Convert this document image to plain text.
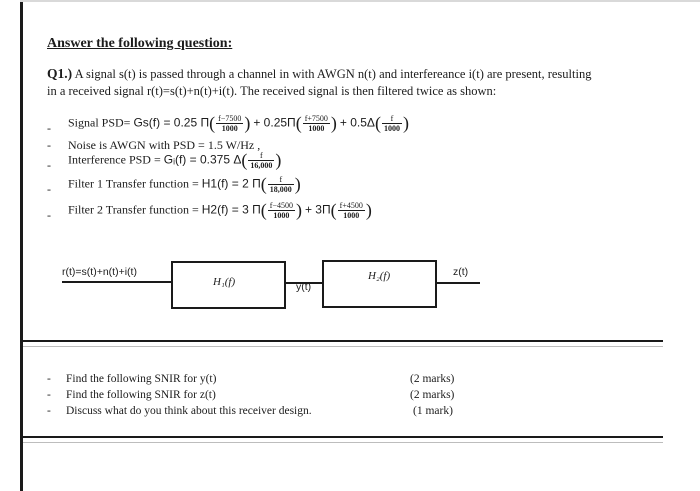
Answer the following question:
Q1.) A signal s(t) is passed through a channel in with AWGN n(t) and interfereance i(t) are present, resulting
in a received signal r(t)=s(t)+n(t)+i(t). The received signal is then filtered twice as shown:
- Signal PSD= Gs(f) = 0.25 $\Pi( \frac{f-7500}{1000}$ ) + $0.25\Pi( \frac{f+7500}{1000}$ ) + $0.5\Delta( \frac{f}{1000}$ )
- Noise is AWGN with PSD = 1.5 W/Hz ,
- Interference PSD = Gᵢ(f) = 0.375 $\Delta( \frac{f}{16,000}$ )
- Filter 1 Transfer function = H1(f) = 2 $\Pi( \frac{f}{18,000}$ )
- Filter 2 Transfer function = H2(f) = 3 $\Pi( \frac{f-4500}{1000}$ ) + $3\Pi( \frac{f+4500}{1000}$ )
r(t)=s(t)+n(t)+i(t)
H₁(f)	y(t)
H₂(f)	z(t)
- Find the following SNIR for y(t)	(2 marks)
- Find the following SNIR for z(t)	(2 marks)
- Discuss what do you think about this receiver design.	(1 mark)
